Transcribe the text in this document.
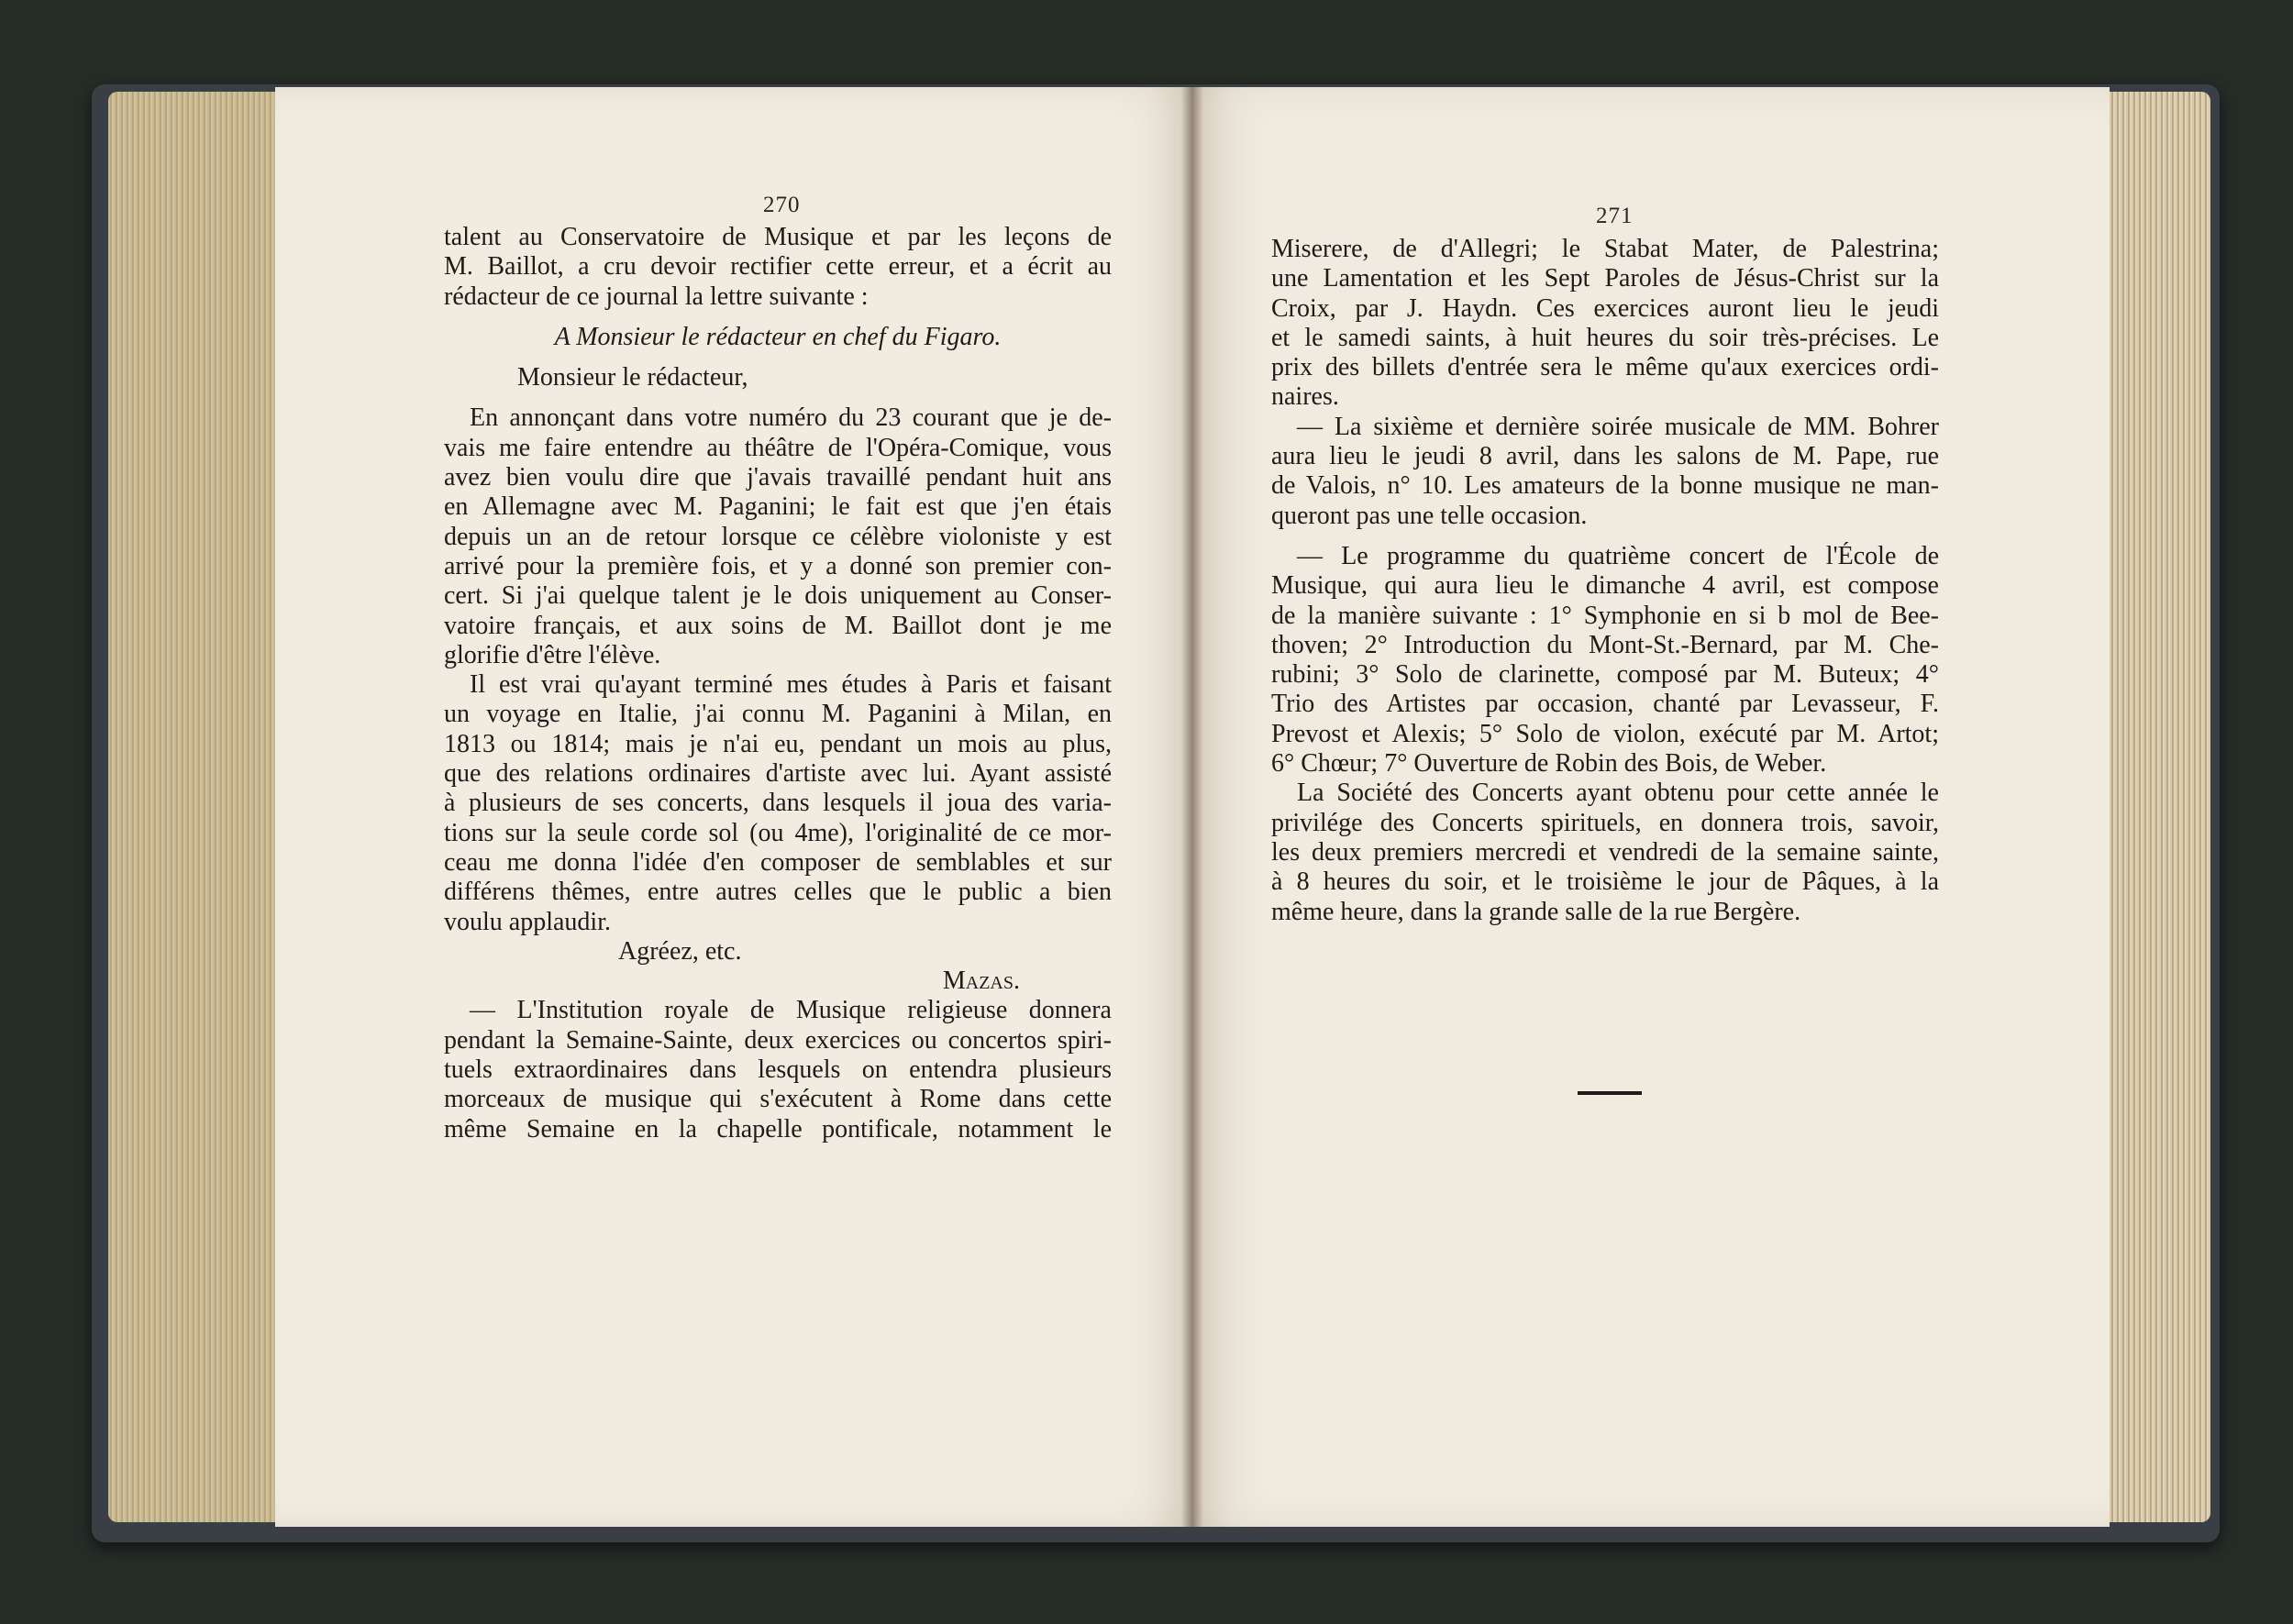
270
talent au Conservatoire de Musique et par les leçons de
M. Baillot, a cru devoir rectifier cette erreur, et a écrit au
rédacteur de ce journal la lettre suivante :
A Monsieur le rédacteur en chef du Figaro.
Monsieur le rédacteur,
En annonçant dans votre numéro du 23 courant que je de-
vais me faire entendre au théâtre de l'Opéra-Comique, vous
avez bien voulu dire que j'avais travaillé pendant huit ans
en Allemagne avec M. Paganini; le fait est que j'en étais
depuis un an de retour lorsque ce célèbre violoniste y est
arrivé pour la première fois, et y a donné son premier con-
cert. Si j'ai quelque talent je le dois uniquement au Conser-
vatoire français, et aux soins de M. Baillot dont je me
glorifie d'être l'élève.
Il est vrai qu'ayant terminé mes études à Paris et faisant
un voyage en Italie, j'ai connu M. Paganini à Milan, en
1813 ou 1814; mais je n'ai eu, pendant un mois au plus,
que des relations ordinaires d'artiste avec lui. Ayant assisté
à plusieurs de ses concerts, dans lesquels il joua des varia-
tions sur la seule corde sol (ou 4me), l'originalité de ce mor-
ceau me donna l'idée d'en composer de semblables et sur
différens thêmes, entre autres celles que le public a bien
voulu applaudir.
Agréez, etc.
Mazas.
— L'Institution royale de Musique religieuse donnera
pendant la Semaine-Sainte, deux exercices ou concertos spiri-
tuels extraordinaires dans lesquels on entendra plusieurs
morceaux de musique qui s'exécutent à Rome dans cette
même Semaine en la chapelle pontificale, notamment le
271
Miserere, de d'Allegri; le Stabat Mater, de Palestrina;
une Lamentation et les Sept Paroles de Jésus-Christ sur la
Croix, par J. Haydn. Ces exercices auront lieu le jeudi
et le samedi saints, à huit heures du soir très-précises. Le
prix des billets d'entrée sera le même qu'aux exercices ordi-
naires.
— La sixième et dernière soirée musicale de MM. Bohrer
aura lieu le jeudi 8 avril, dans les salons de M. Pape, rue
de Valois, n° 10. Les amateurs de la bonne musique ne man-
queront pas une telle occasion.
— Le programme du quatrième concert de l'École de
Musique, qui aura lieu le dimanche 4 avril, est compose
de la manière suivante : 1° Symphonie en si b mol de Bee-
thoven; 2° Introduction du Mont-St.-Bernard, par M. Che-
rubini; 3° Solo de clarinette, composé par M. Buteux; 4°
Trio des Artistes par occasion, chanté par Levasseur, F.
Prevost et Alexis; 5° Solo de violon, exécuté par M. Artot;
6° Chœur; 7° Ouverture de Robin des Bois, de Weber.
La Société des Concerts ayant obtenu pour cette année le
privilége des Concerts spirituels, en donnera trois, savoir,
les deux premiers mercredi et vendredi de la semaine sainte,
à 8 heures du soir, et le troisième le jour de Pâques, à la
même heure, dans la grande salle de la rue Bergère.
